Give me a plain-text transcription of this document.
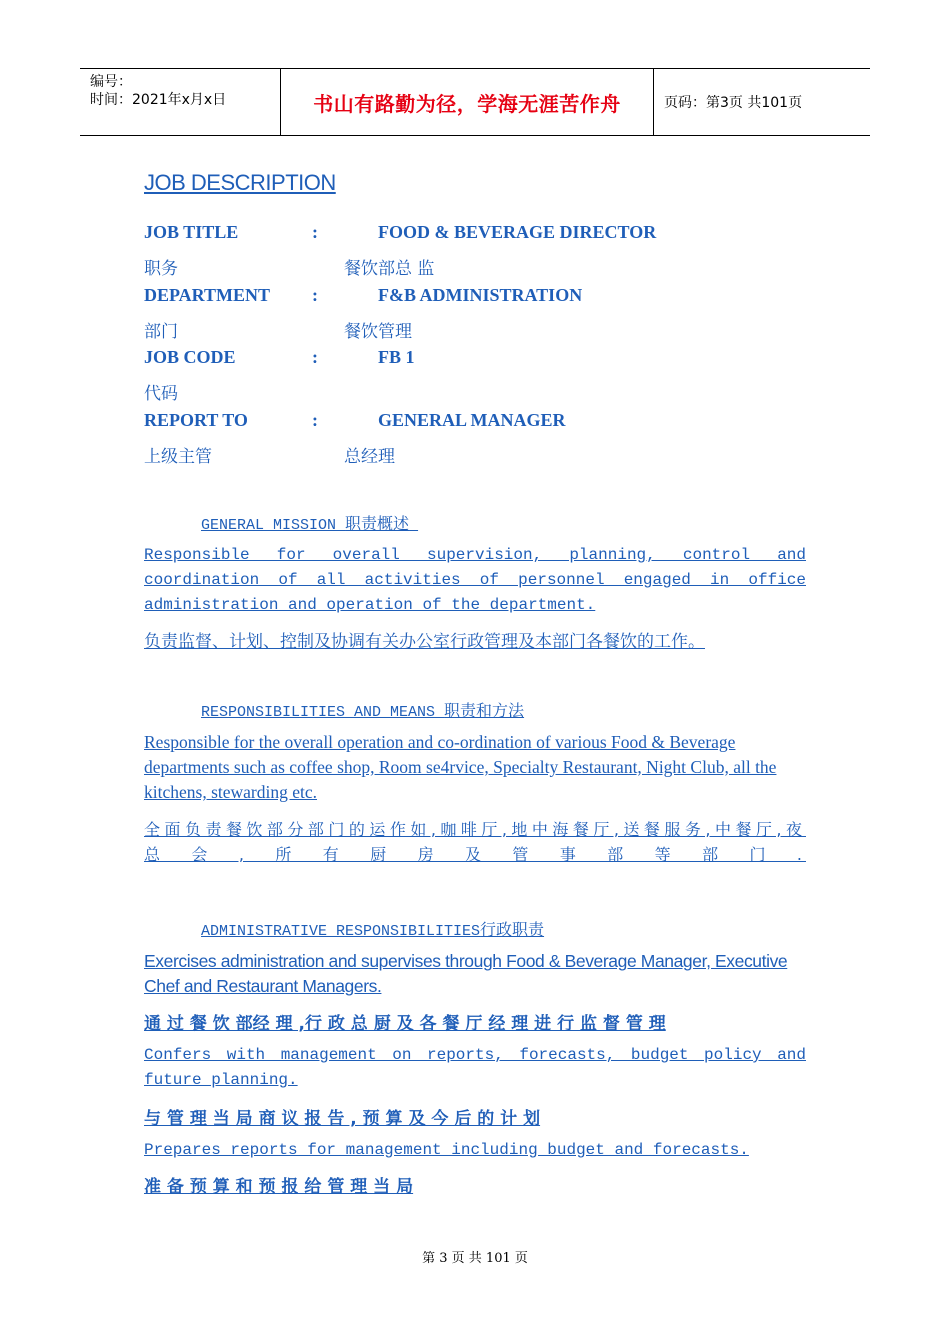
编号：
时间：2021年x月x日	书山有路勤为径，学海无涯苦作舟	页码：第3页 共101页
JOB DESCRIPTION
JOB TITLE	:	FOOD & BEVERAGE DIRECTOR

职务	餐饮部总 监

DEPARTMENT :	F&B ADMINISTRATION

部门	餐饮管理

JOB CODE	:	FB 1

代码

REPORT TO	:	GENERAL MANAGER

上级主管	总经理

GENERAL MISSION 职责概述
Responsible for overall supervision, planning, control and coordination of all activities of personnel engaged in office administration and operation of the department.
负责监督、计划、控制及协调有关办公室行政管理及本部门各餐饮的工作。
RESPONSIBILITIES AND MEANS 职责和方法
Responsible for the overall operation and co-ordination of various Food & Beverage departments such as coffee shop, Room se4rvice, Specialty Restaurant, Night Club, all the kitchens, stewarding etc.
全面负责餐饮部分部门的运作如,咖啡厅,地中海餐厅,送餐服务,中餐厅,夜总会,所有厨房及管事部等部门.
ADMINISTRATIVE RESPONSIBILITIES行政职责
Exercises administration and supervises through Food & Beverage Manager, Executive Chef and Restaurant Managers.
通 过 餐 饮 部经 理 ,行 政 总 厨 及 各 餐 厅 经 理 进 行 监 督 管 理
Confers with management on reports, forecasts, budget policy and future planning.
与 管 理 当 局 商 议 报 告 , 预 算 及 今 后 的 计 划
Prepares reports for management including budget and forecasts.
准 备 预 算 和 预 报 给 管 理 当 局
第 3 页 共 101 页
